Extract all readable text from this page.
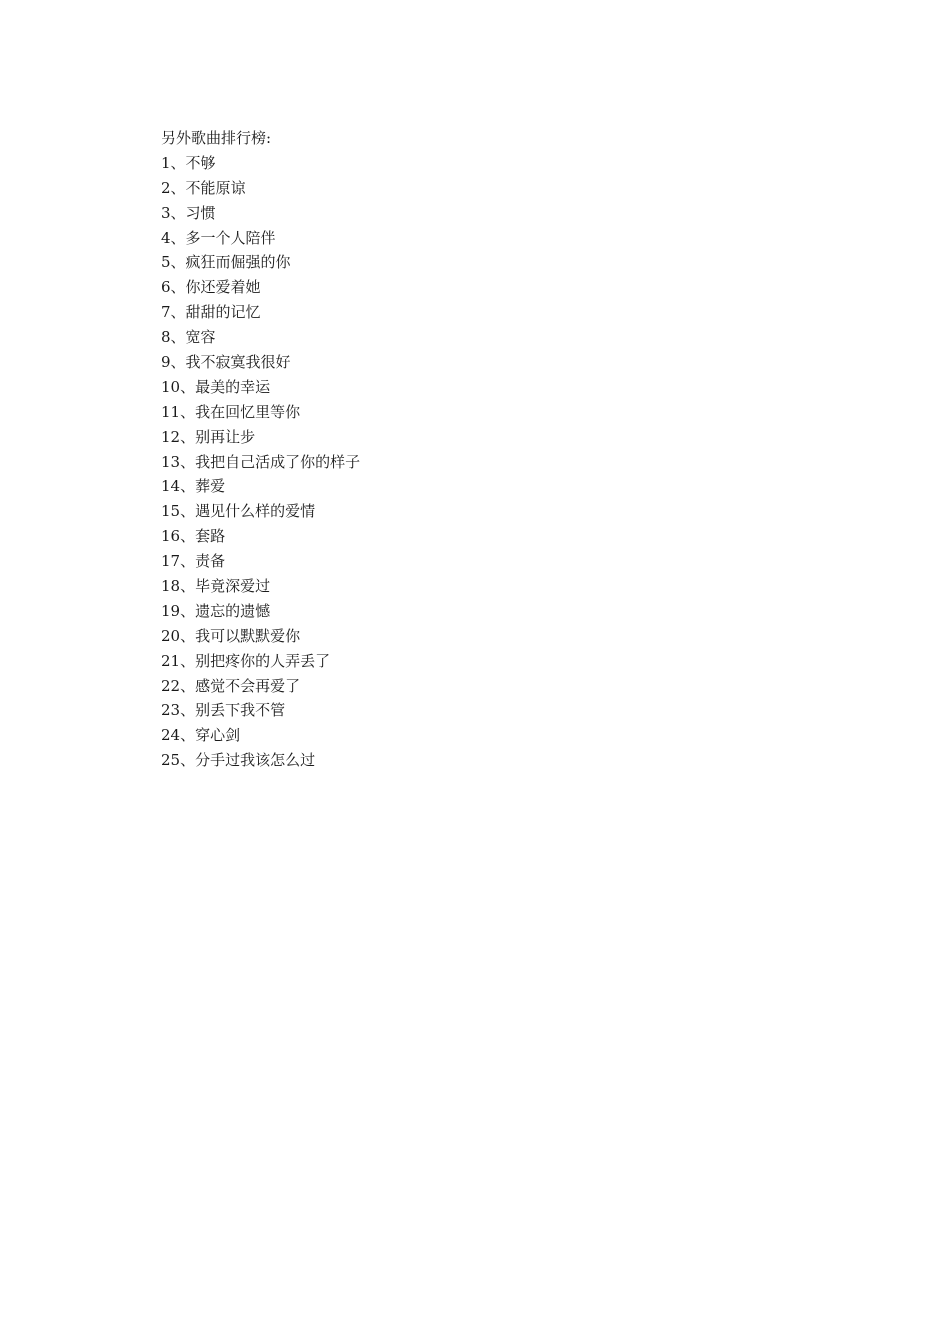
另外歌曲排行榜:
1、不够
2、不能原谅
3、习惯
4、多一个人陪伴
5、疯狂而倔强的你
6、你还爱着她
7、甜甜的记忆
8、宽容
9、我不寂寞我很好
10、最美的幸运
11、我在回忆里等你
12、别再让步
13、我把自己活成了你的样子
14、葬爱
15、遇见什么样的爱情
16、套路
17、责备
18、毕竟深爱过
19、遗忘的遗憾
20、我可以默默爱你
21、别把疼你的人弄丢了
22、感觉不会再爱了
23、别丢下我不管
24、穿心剑
25、分手过我该怎么过
